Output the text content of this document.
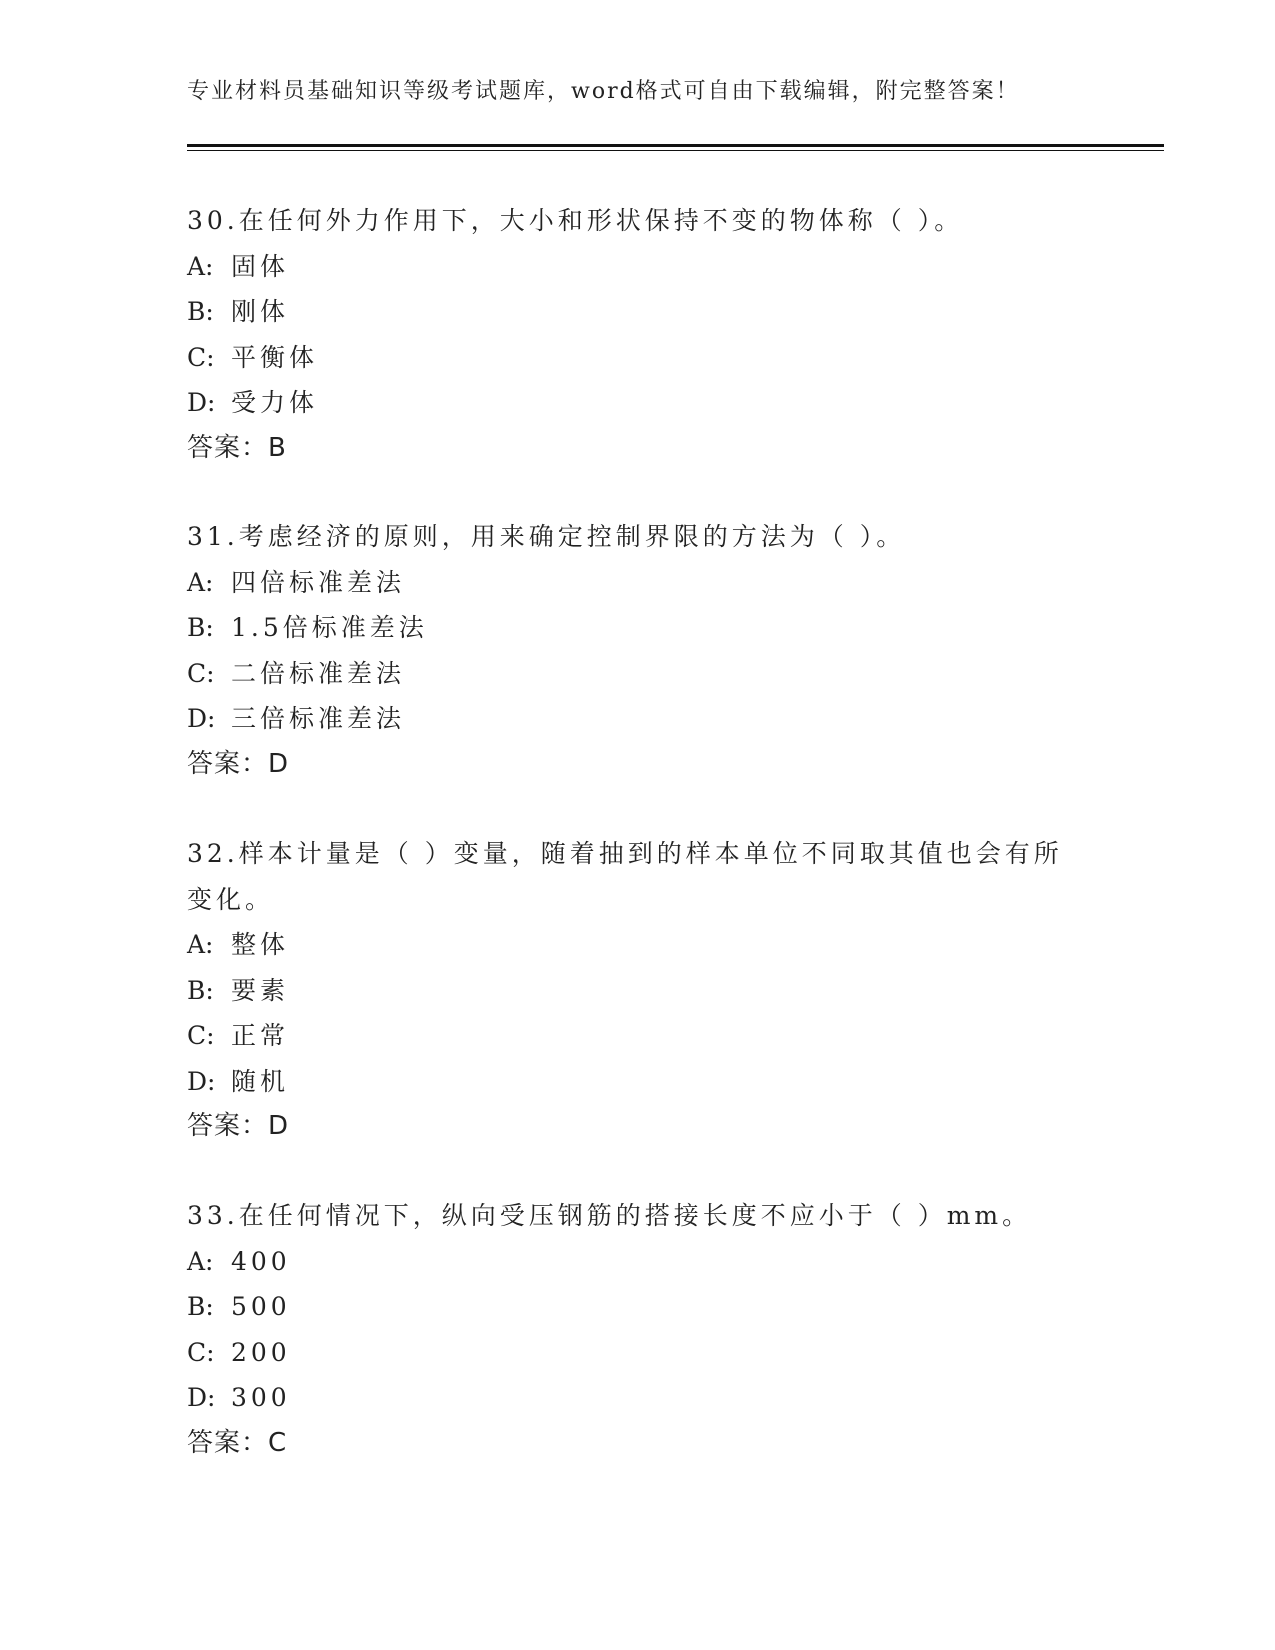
专业材料员基础知识等级考试题库，word格式可自由下载编辑，附完整答案！
30.在任何外力作用下，大小和形状保持不变的物体称（ ）。
A: 固体
B: 刚体
C: 平衡体
D: 受力体
答案：B
31.考虑经济的原则，用来确定控制界限的方法为（ ）。
A: 四倍标准差法
B: 1.5倍标准差法
C: 二倍标准差法
D: 三倍标准差法
答案：D
32.样本计量是（ ）变量，随着抽到的样本单位不同取其值也会有所
变化。
A: 整体
B: 要素
C: 正常
D: 随机
答案：D
33.在任何情况下，纵向受压钢筋的搭接长度不应小于（ ）mm。
A: 400
B: 500
C: 200
D: 300
答案：C
